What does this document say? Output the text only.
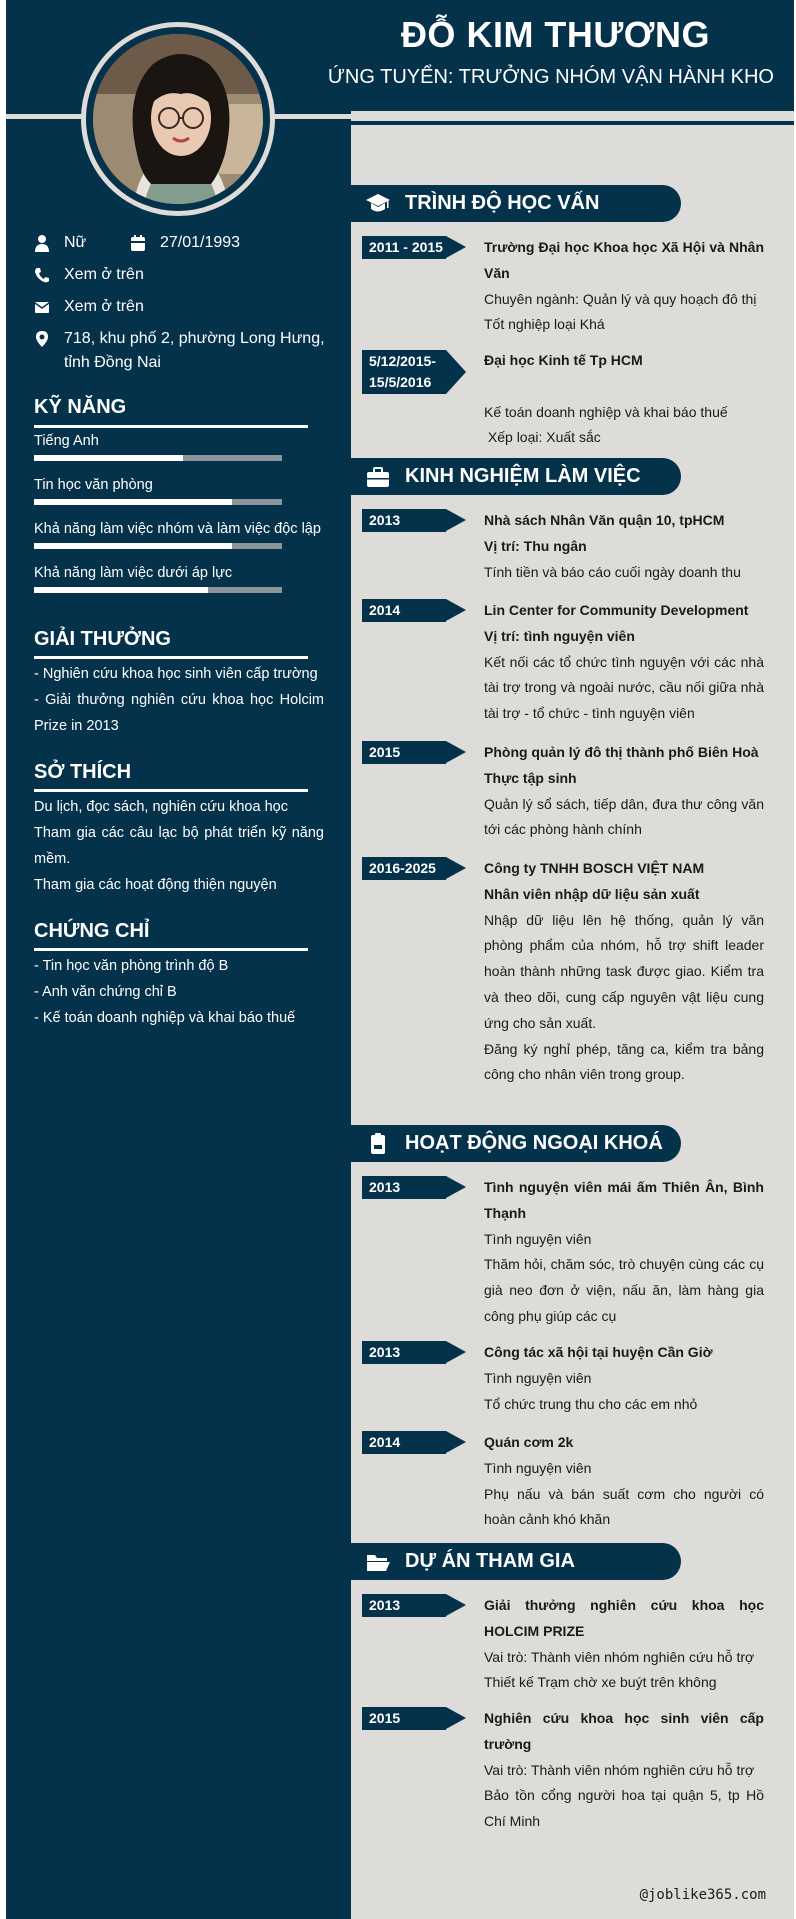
ĐỖ KIM THƯƠNG
ỨNG TUYỂN: TRƯỞNG NHÓM VẬN HÀNH KHO
Nữ	27/01/1993
Xem ở trên
Xem ở trên
718, khu phố 2, phường Long Hưng, tỉnh Đồng Nai
KỸ NĂNG
Tiếng Anh
Tin học văn phòng
Khả năng làm việc nhóm và làm việc độc lập
Khả năng làm việc dưới áp lực
GIẢI THƯỞNG
- Nghiên cứu khoa học sinh viên cấp trường
- Giải thưởng nghiên cứu khoa học Holcim Prize in 2013
SỞ THÍCH
Du lịch, đọc sách, nghiên cứu khoa học
Tham gia các câu lạc bộ phát triển kỹ năng mềm.
Tham gia các hoạt động thiện nguyện
CHỨNG CHỈ
- Tin học văn phòng trình độ B
- Anh văn chứng chỉ B
- Kế toán doanh nghiệp và khai báo thuế
TRÌNH ĐỘ HỌC VẤN
2011 - 2015	Trường Đại học Khoa học Xã Hội và Nhân Văn
Chuyên ngành: Quản lý và quy hoạch đô thị
Tốt nghiệp loại Khá
5/12/2015-
15/5/2016
Đại học Kinh tế Tp HCM
Kế toán doanh nghiệp và khai báo thuế
Xếp loại: Xuất sắc
KINH NGHIỆM LÀM VIỆC
2013	Nhà sách Nhân Văn quận 10, tpHCM
Vị trí: Thu ngân
Tính tiền và báo cáo cuối ngày doanh thu
2014	Lin Center for Community Development
Vị trí: tình nguyện viên
Kết nối các tổ chức tình nguyện với các nhà tài trợ trong và ngoài nước, cầu nối giữa nhà tài trợ - tổ chức - tình nguyện viên
2015	Phòng quản lý đô thị thành phố Biên Hoà
Thực tập sinh
Quản lý sổ sách, tiếp dân, đưa thư công văn tới các phòng hành chính
2016-2025	Công ty TNHH BOSCH VIỆT NAM
Nhân viên nhập dữ liệu sản xuất
Nhập dữ liệu lên hệ thống, quản lý văn phòng phẩm của nhóm, hỗ trợ shift leader hoàn thành những task được giao. Kiểm tra và theo dõi, cung cấp nguyên vật liệu cung ứng cho sản xuất.
Đăng ký nghỉ phép, tăng ca, kiểm tra bảng công cho nhân viên trong group.
HOẠT ĐỘNG NGOẠI KHOÁ
2013	Tình nguyện viên mái ấm Thiên Ân, Bình Thạnh
Tình nguyện viên
Thăm hỏi, chăm sóc, trò chuyện cùng các cụ già neo đơn ở viện, nấu ăn, làm hàng gia công phụ giúp các cụ
2013	Công tác xã hội tại huyện Cần Giờ
Tình nguyện viên
Tổ chức trung thu cho các em nhỏ
2014	Quán cơm 2k
Tình nguyện viên
Phụ nấu và bán suất cơm cho người có hoàn cảnh khó khăn
DỰ ÁN THAM GIA
2013	Giải thưởng nghiên cứu khoa học HOLCIM PRIZE
Vai trò: Thành viên nhóm nghiên cứu hỗ trợ
Thiết kế Trạm chờ xe buýt trên không
2015	Nghiên cứu khoa học sinh viên cấp trường
Vai trò: Thành viên nhóm nghiên cứu hỗ trợ
Bảo tồn cổng người hoa tại quận 5, tp Hồ Chí Minh
@joblike365.com
